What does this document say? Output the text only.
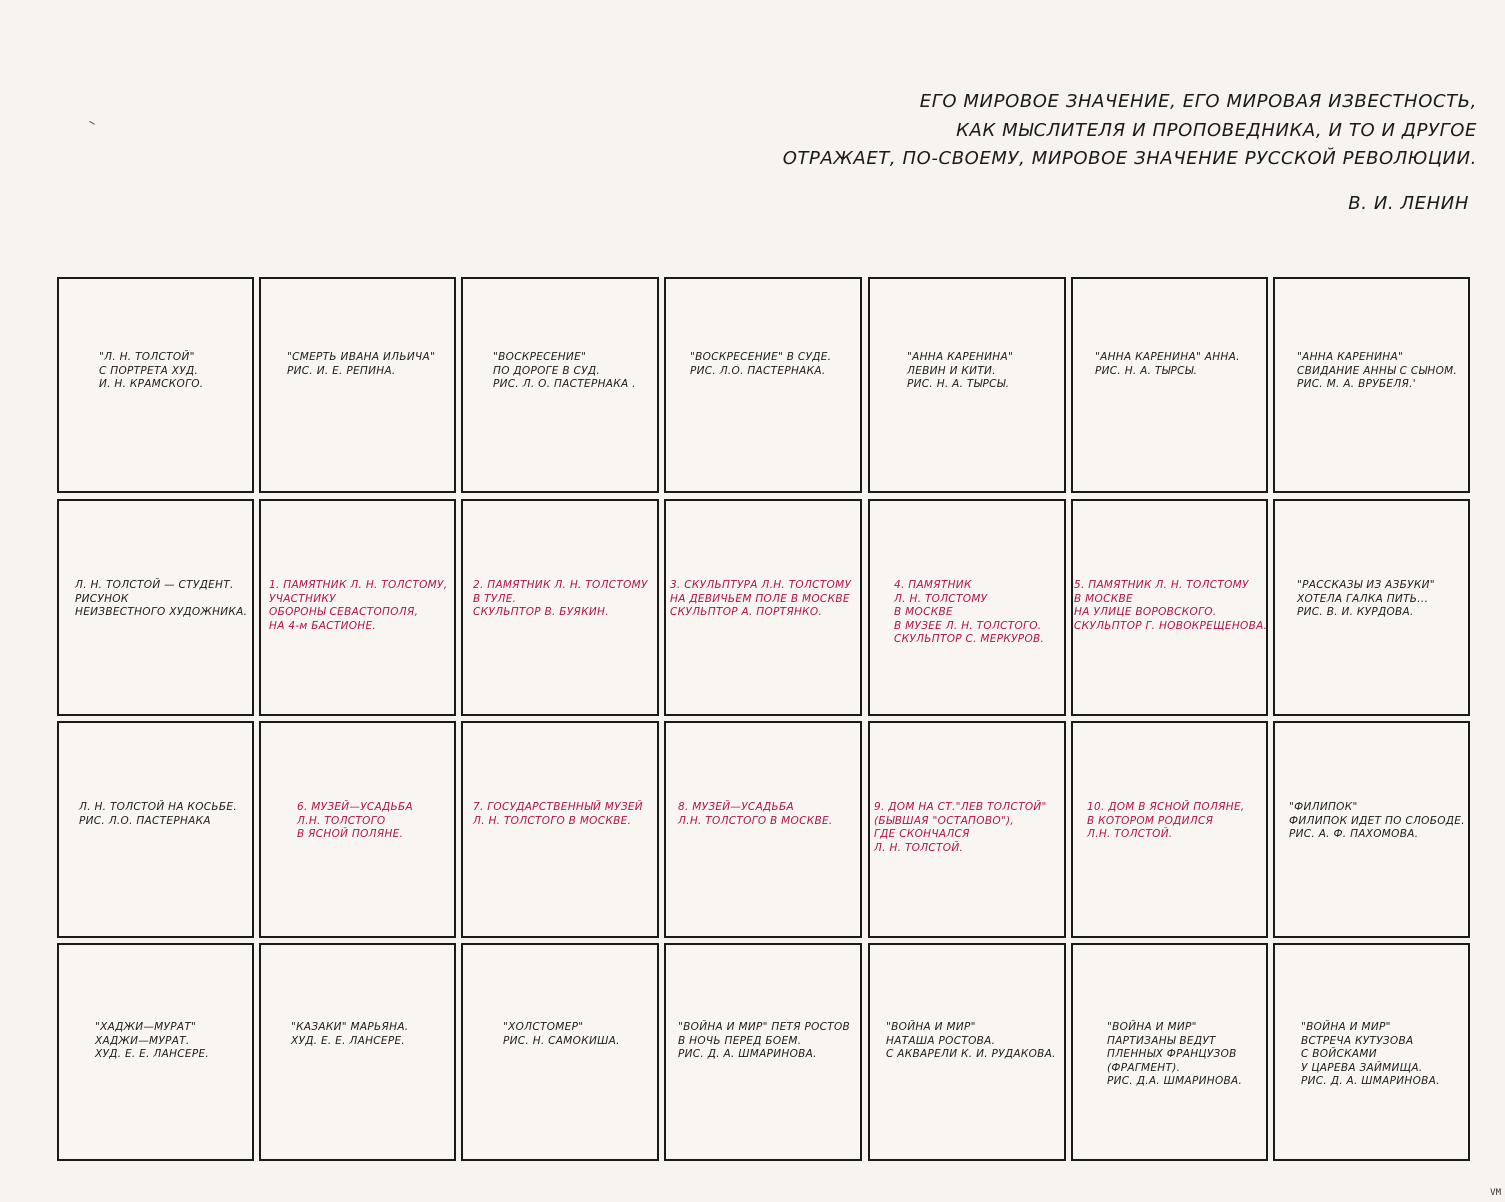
ЕГО МИРОВОЕ ЗНАЧЕНИЕ, ЕГО МИРОВАЯ ИЗВЕСТНОСТЬ,
КАК МЫСЛИТЕЛЯ И ПРОПОВЕДНИКА, И ТО И ДРУГОЕ
ОТРАЖАЕТ, ПО-СВОЕМУ, МИРОВОЕ ЗНАЧЕНИЕ РУССКОЙ РЕВОЛЮЦИИ.
В. И. ЛЕНИН
"Л. Н. ТОЛСТОЙ"
С ПОРТРЕТА ХУД.
И. Н. КРАМСКОГО.
"СМЕРТЬ ИВАНА ИЛЬИЧА"
РИС. И. Е. РЕПИНА.
"ВОСКРЕСЕНИЕ"
ПО ДОРОГЕ В СУД.
РИС. Л. О. ПАСТЕРНАКА .
"ВОСКРЕСЕНИЕ" В СУДЕ.
РИС. Л.О. ПАСТЕРНАКА.
"АННА КАРЕНИНА"
ЛЕВИН И КИТИ.
РИС. Н. А. ТЫРСЫ.
"АННА КАРЕНИНА" АННА.
РИС. Н. А. ТЫРСЫ.
"АННА КАРЕНИНА"
СВИДАНИЕ АННЫ С СЫНОМ.
РИС. М. А. ВРУБЕЛЯ.'
Л. Н. ТОЛСТОЙ — СТУДЕНТ.
РИСУНОК
НЕИЗВЕСТНОГО ХУДОЖНИКА.
1. ПАМЯТНИК Л. Н. ТОЛСТОМУ,
УЧАСТНИКУ
ОБОРОНЫ СЕВАСТОПОЛЯ,
НА 4-м БАСТИОНЕ.
2. ПАМЯТНИК Л. Н. ТОЛСТОМУ
В ТУЛЕ.
СКУЛЬПТОР В. БУЯКИН.
3. СКУЛЬПТУРА Л.Н. ТОЛСТОМУ
НА ДЕВИЧЬЕМ ПОЛЕ В МОСКВЕ
СКУЛЬПТОР А. ПОРТЯНКО.
4. ПАМЯТНИК
Л. Н. ТОЛСТОМУ
В МОСКВЕ
В МУЗЕЕ Л. Н. ТОЛСТОГО.
СКУЛЬПТОР С. МЕРКУРОВ.
5. ПАМЯТНИК Л. Н. ТОЛСТОМУ
В МОСКВЕ
НА УЛИЦЕ ВОРОВСКОГО.
СКУЛЬПТОР Г. НОВОКРЕЩЕНОВА.
"РАССКАЗЫ ИЗ АЗБУКИ"
ХОТЕЛА ГАЛКА ПИТЬ...
РИС. В. И. КУРДОВА.
Л. Н. ТОЛСТОЙ НА КОСЬБЕ.
РИС. Л.О. ПАСТЕРНАКА
6. МУЗЕЙ—УСАДЬБА
Л.Н. ТОЛСТОГО
В ЯСНОЙ ПОЛЯНЕ.
7. ГОСУДАРСТВЕННЫЙ МУЗЕЙ
Л. Н. ТОЛСТОГО В МОСКВЕ.
8. МУЗЕЙ—УСАДЬБА
Л.Н. ТОЛСТОГО В МОСКВЕ.
9. ДОМ НА СТ."ЛЕВ ТОЛСТОЙ"
(БЫВШАЯ "ОСТАПОВО"),
ГДЕ СКОНЧАЛСЯ
Л. Н. ТОЛСТОЙ.
10. ДОМ В ЯСНОЙ ПОЛЯНЕ,
В КОТОРОМ РОДИЛСЯ
Л.Н. ТОЛСТОЙ.
"ФИЛИПОК"
ФИЛИПОК ИДЕТ ПО СЛОБОДЕ.
РИС. А. Ф. ПАХОМОВА.
"ХАДЖИ—МУРАТ"
ХАДЖИ—МУРАТ.
ХУД. Е. Е. ЛАНСЕРЕ.
"КАЗАКИ" МАРЬЯНА.
ХУД. Е. Е. ЛАНСЕРЕ.
"ХОЛСТОМЕР"
РИС. Н. САМОКИША.
"ВОЙНА И МИР" ПЕТЯ РОСТОВ
В НОЧЬ ПЕРЕД БОЕМ.
РИС. Д. А. ШМАРИНОВА.
"ВОЙНА И МИР"
НАТАША РОСТОВА.
С АКВАРЕЛИ К. И. РУДАКОВА.
"ВОЙНА И МИР"
ПАРТИЗАНЫ ВЕДУТ
ПЛЕННЫХ ФРАНЦУЗОВ
(ФРАГМЕНТ).
РИС. Д.А. ШМАРИНОВА.
"ВОЙНА И МИР"
ВСТРЕЧА КУТУЗОВА
С ВОЙСКАМИ
У ЦАРЕВА ЗАЙМИЩА.
РИС. Д. А. ШМАРИНОВА.
VM
